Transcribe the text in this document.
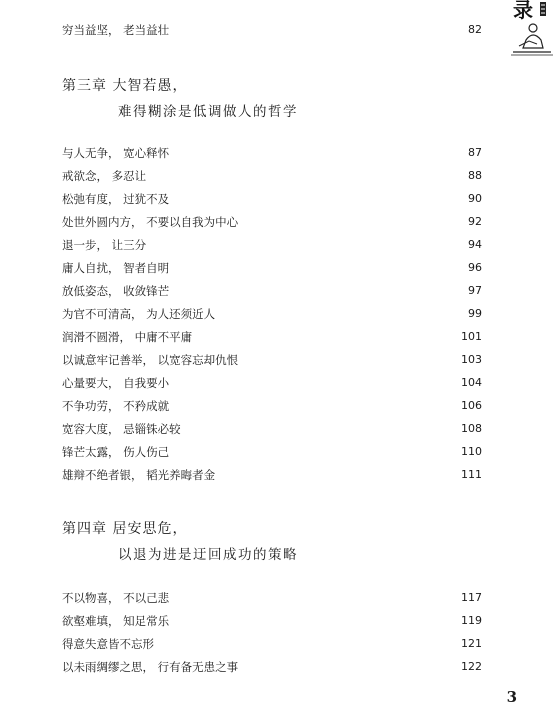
录
穷当益坚， 老当益壮	82
第三章 大智若愚，
难得糊涂是低调做人的哲学
与人无争， 宽心释怀	87
戒欲念， 多忍让	88
松弛有度， 过犹不及	90
处世外圆内方， 不要以自我为中心	92
退一步， 让三分	94
庸人自扰， 智者自明	96
放低姿态， 收敛锋芒	97
为官不可清高， 为人还须近人	99
润滑不圆滑， 中庸不平庸	101
以诚意牢记善举， 以宽容忘却仇恨	103
心量要大， 自我要小	104
不争功劳， 不矜成就	106
宽容大度， 忌锱铢必较	108
锋芒太露， 伤人伤己	110
雄辩不绝者银， 韬光养晦者金	111
第四章 居安思危，
以退为进是迂回成功的策略
不以物喜， 不以己悲	117
欲壑难填， 知足常乐	119
得意失意皆不忘形	121
以未雨绸缪之思， 行有备无患之事	122
3
